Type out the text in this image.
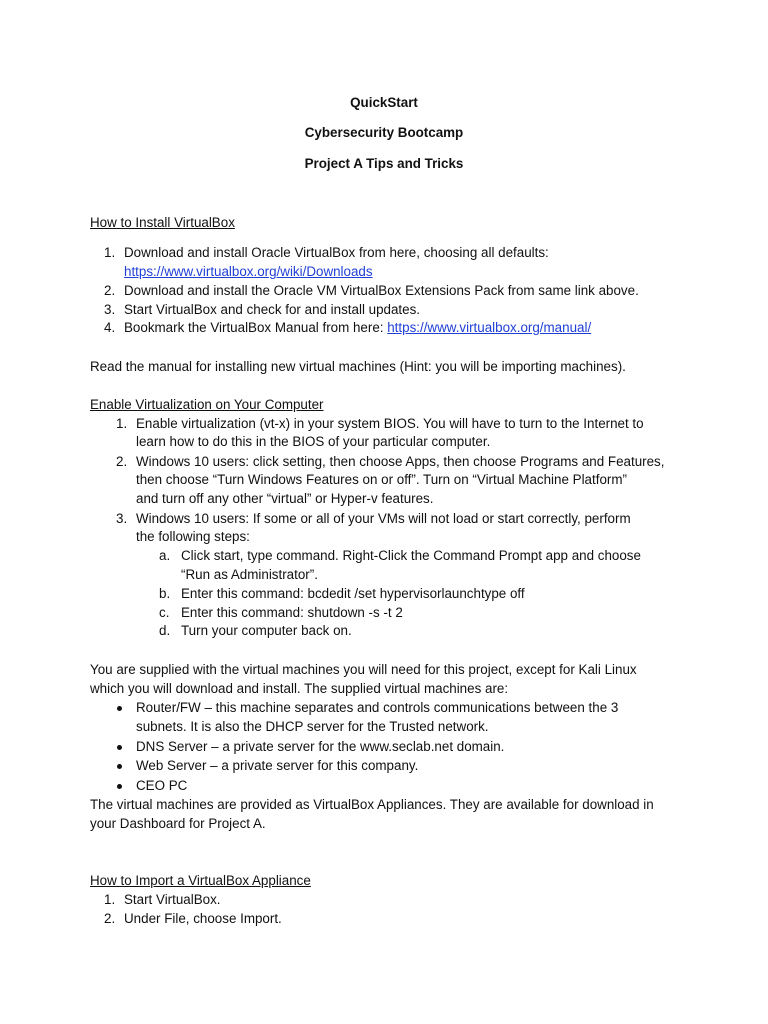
QuickStart
Cybersecurity Bootcamp
Project A Tips and Tricks
How to Install VirtualBox
1. Download and install Oracle VirtualBox from here, choosing all defaults:
https://www.virtualbox.org/wiki/Downloads
2. Download and install the Oracle VM VirtualBox Extensions Pack from same link above.
3. Start VirtualBox and check for and install updates.
4. Bookmark the VirtualBox Manual from here: https://www.virtualbox.org/manual/
Read the manual for installing new virtual machines (Hint: you will be importing machines).
Enable Virtualization on Your Computer
1. Enable virtualization (vt-x) in your system BIOS. You will have to turn to the Internet to
learn how to do this in the BIOS of your particular computer.
2. Windows 10 users: click setting, then choose Apps, then choose Programs and Features,
then choose “Turn Windows Features on or off”. Turn on “Virtual Machine Platform”
and turn off any other “virtual” or Hyper-v features.
3. Windows 10 users: If some or all of your VMs will not load or start correctly, perform
the following steps:
a. Click start, type command. Right-Click the Command Prompt app and choose
“Run as Administrator”.
b. Enter this command: bcdedit /set hypervisorlaunchtype off
c. Enter this command: shutdown -s -t 2
d. Turn your computer back on.
You are supplied with the virtual machines you will need for this project, except for Kali Linux
which you will download and install. The supplied virtual machines are:
Router/FW – this machine separates and controls communications between the 3
subnets. It is also the DHCP server for the Trusted network.
DNS Server – a private server for the www.seclab.net domain.
Web Server – a private server for this company.
CEO PC
The virtual machines are provided as VirtualBox Appliances. They are available for download in
your Dashboard for Project A.
How to Import a VirtualBox Appliance
1. Start VirtualBox.
2. Under File, choose Import.
